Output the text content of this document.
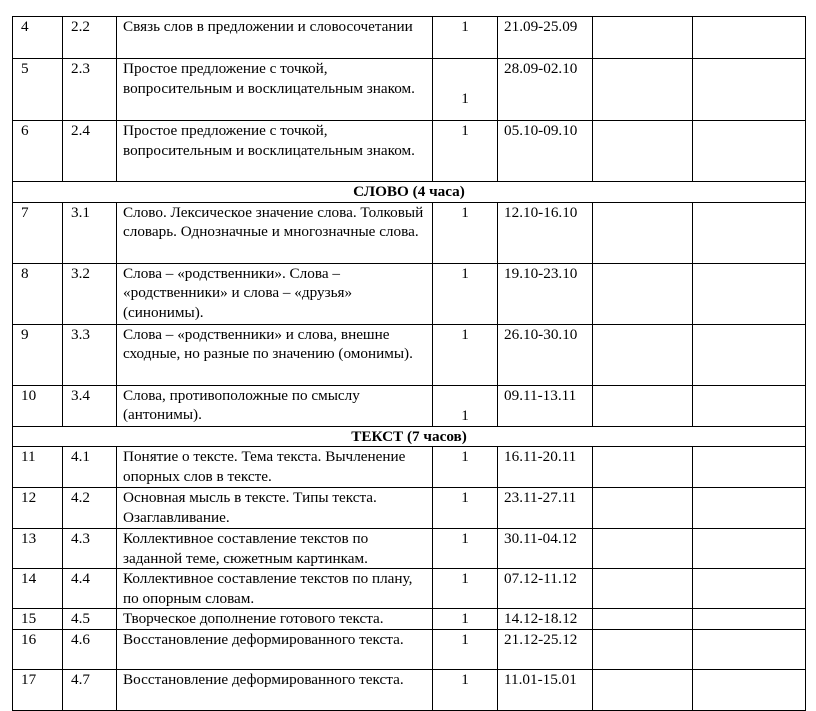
4	2.2	Связь слов в предложении и словосочетании	1	21.09-25.09		
5	2.3	Простое предложение с точкой, вопросительным и восклицательным знаком.	1	28.09-02.10		
6	2.4	Простое предложение с точкой, вопросительным и восклицательным знаком.	1	05.10-09.10		
СЛОВО (4 часа)						
7	3.1	Слово. Лексическое значение слова. Толковый словарь. Однозначные и многозначные слова.	1	12.10-16.10		
8	3.2	Слова – «родственники». Слова – «родственники» и слова – «друзья» (синонимы).	1	19.10-23.10		
9	3.3	Слова – «родственники» и слова, внешне сходные, но разные по значению (омонимы).	1	26.10-30.10		
10	3.4	Слова, противоположные по смыслу (антонимы).	1	09.11-13.11		
ТЕКСТ (7 часов)						
11	4.1	Понятие о тексте. Тема текста. Вычленение опорных слов в тексте.	1	16.11-20.11		
12	4.2	Основная мысль в тексте. Типы текста. Озаглавливание.	1	23.11-27.11		
13	4.3	Коллективное составление текстов по заданной теме, сюжетным картинкам.	1	30.11-04.12		
14	4.4	Коллективное составление текстов по плану, по опорным словам.	1	07.12-11.12		
15	4.5	Творческое дополнение готового текста.	1	14.12-18.12		
16	4.6	Восстановление деформированного текста.	1	21.12-25.12		
17	4.7	Восстановление деформированного текста.	1	11.01-15.01		
